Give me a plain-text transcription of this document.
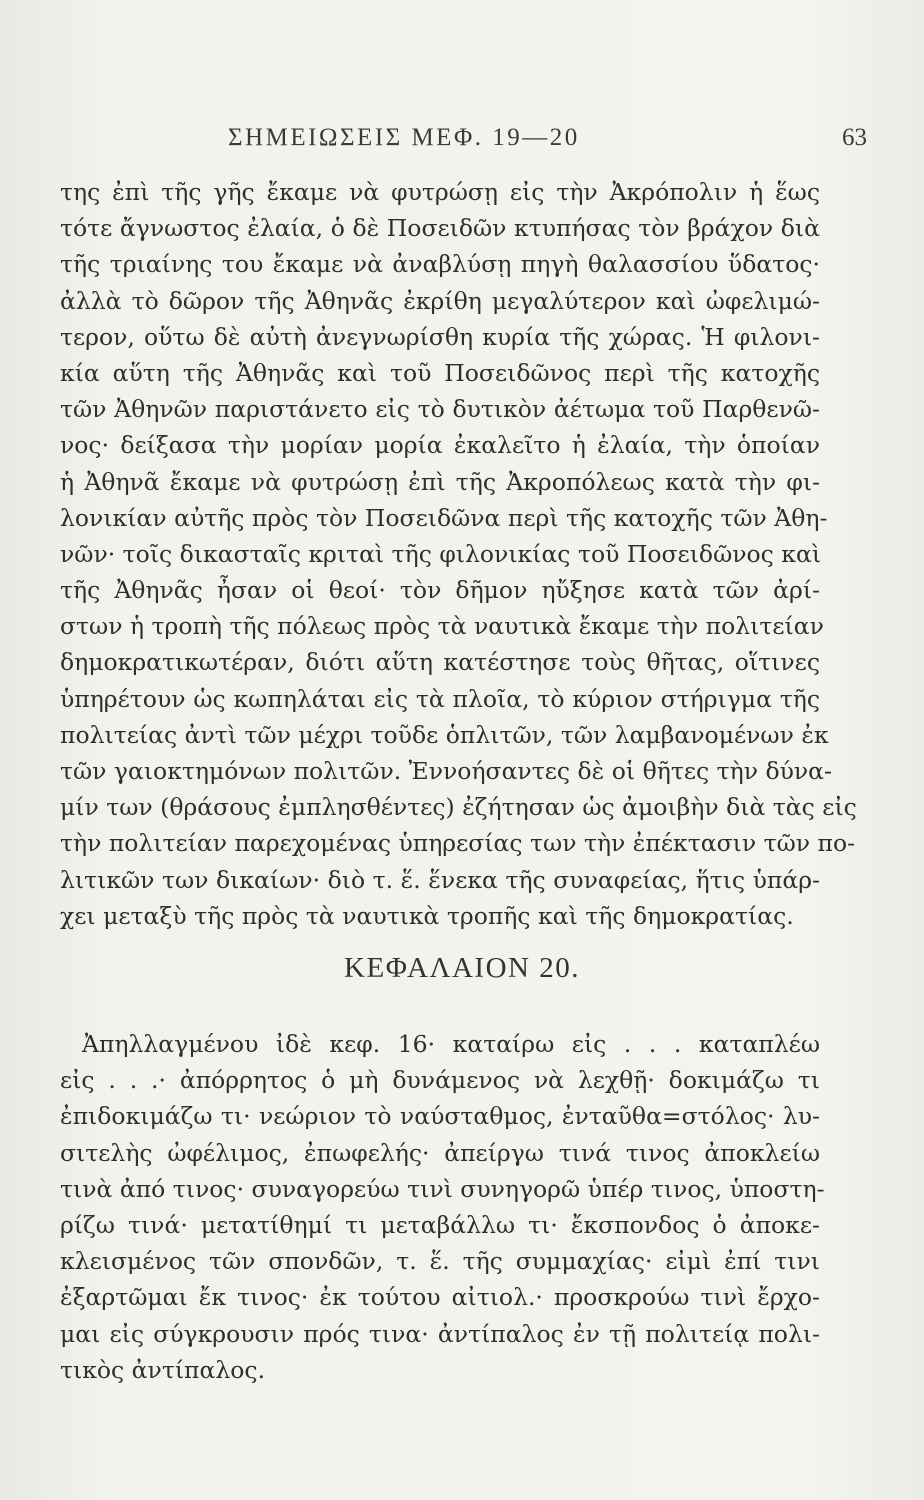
ΣΗΜΕΙΩΣΕΙΣ ΜΕΦ. 19—20	63
της ἐπὶ τῆς γῆς ἔκαμε νὰ φυτρώσῃ εἰς τὴν Ἀκρόπολιν ἡ ἕως
τότε ἄγνωστος ἐλαία, ὁ δὲ Ποσειδῶν κτυπήσας τὸν βράχον διὰ
τῆς τριαίνης του ἔκαμε νὰ ἀναβλύσῃ πηγὴ θαλασσίου ὕδατος·
ἀλλὰ τὸ δῶρον τῆς Ἀθηνᾶς ἐκρίθη μεγαλύτερον καὶ ὠφελιμώ-
τερον, οὕτω δὲ αὐτὴ ἀνεγνωρίσθη κυρία τῆς χώρας. Ἡ φιλονι-
κία αὕτη τῆς Ἀθηνᾶς καὶ τοῦ Ποσειδῶνος περὶ τῆς κατοχῆς
τῶν Ἀθηνῶν παριστάνετο εἰς τὸ δυτικὸν ἀέτωμα τοῦ Παρθενῶ-
νος· δείξασα τὴν μορίαν μορία ἐκαλεῖτο ἡ ἐλαία, τὴν ὁποίαν
ἡ Ἀθηνᾶ ἔκαμε νὰ φυτρώσῃ ἐπὶ τῆς Ἀκροπόλεως κατὰ τὴν φι-
λονικίαν αὐτῆς πρὸς τὸν Ποσειδῶνα περὶ τῆς κατοχῆς τῶν Ἀθη-
νῶν· τοῖς δικασταῖς κριταὶ τῆς φιλονικίας τοῦ Ποσειδῶνος καὶ
τῆς Ἀθηνᾶς ἦσαν οἱ θεοί· τὸν δῆμον ηὔξησε κατὰ τῶν ἀρί-
στων ἡ τροπὴ τῆς πόλεως πρὸς τὰ ναυτικὰ ἔκαμε τὴν πολιτείαν
δημοκρατικωτέραν, διότι αὕτη κατέστησε τοὺς θῆτας, οἵτινες
ὑπηρέτουν ὡς κωπηλάται εἰς τὰ πλοῖα, τὸ κύριον στήριγμα τῆς
πολιτείας ἀντὶ τῶν μέχρι τοῦδε ὁπλιτῶν, τῶν λαμβανομένων ἐκ
τῶν γαιοκτημόνων πολιτῶν. Ἐννοήσαντες δὲ οἱ θῆτες τὴν δύνα-
μίν των (θράσους ἐμπλησθέντες) ἐζήτησαν ὡς ἀμοιβὴν διὰ τὰς εἰς
τὴν πολιτείαν παρεχομένας ὑπηρεσίας των τὴν ἐπέκτασιν τῶν πο-
λιτικῶν των δικαίων· διὸ τ. ἕ. ἕνεκα τῆς συναφείας, ἥτις ὑπάρ-
χει μεταξὺ τῆς πρὸς τὰ ναυτικὰ τροπῆς καὶ τῆς δημοκρατίας.
ΚΕΦΑΛΑΙΟΝ 20.
Ἀπηλλαγμένου ἰδὲ κεφ. 16· καταίρω εἰς . . . καταπλέω
εἰς . . .· ἀπόρρητος ὁ μὴ δυνάμενος νὰ λεχθῇ· δοκιμάζω τι
ἐπιδοκιμάζω τι· νεώριον τὸ ναύσταθμος, ἐνταῦθα=στόλος· λυ-
σιτελὴς ὠφέλιμος, ἐπωφελής· ἀπείργω τινά τινος ἀποκλείω
τινὰ ἀπό τινος· συναγορεύω τινὶ συνηγορῶ ὑπέρ τινος, ὑποστη-
ρίζω τινά· μετατίθημί τι μεταβάλλω τι· ἔκσπονδος ὁ ἀποκε-
κλεισμένος τῶν σπονδῶν, τ. ἕ. τῆς συμμαχίας· εἰμὶ ἐπί τινι
ἐξαρτῶμαι ἔκ τινος· ἐκ τούτου αἰτιολ.· προσκρούω τινὶ ἔρχο-
μαι εἰς σύγκρουσιν πρός τινα· ἀντίπαλος ἐν τῇ πολιτείᾳ πολι-
τικὸς ἀντίπαλος.
